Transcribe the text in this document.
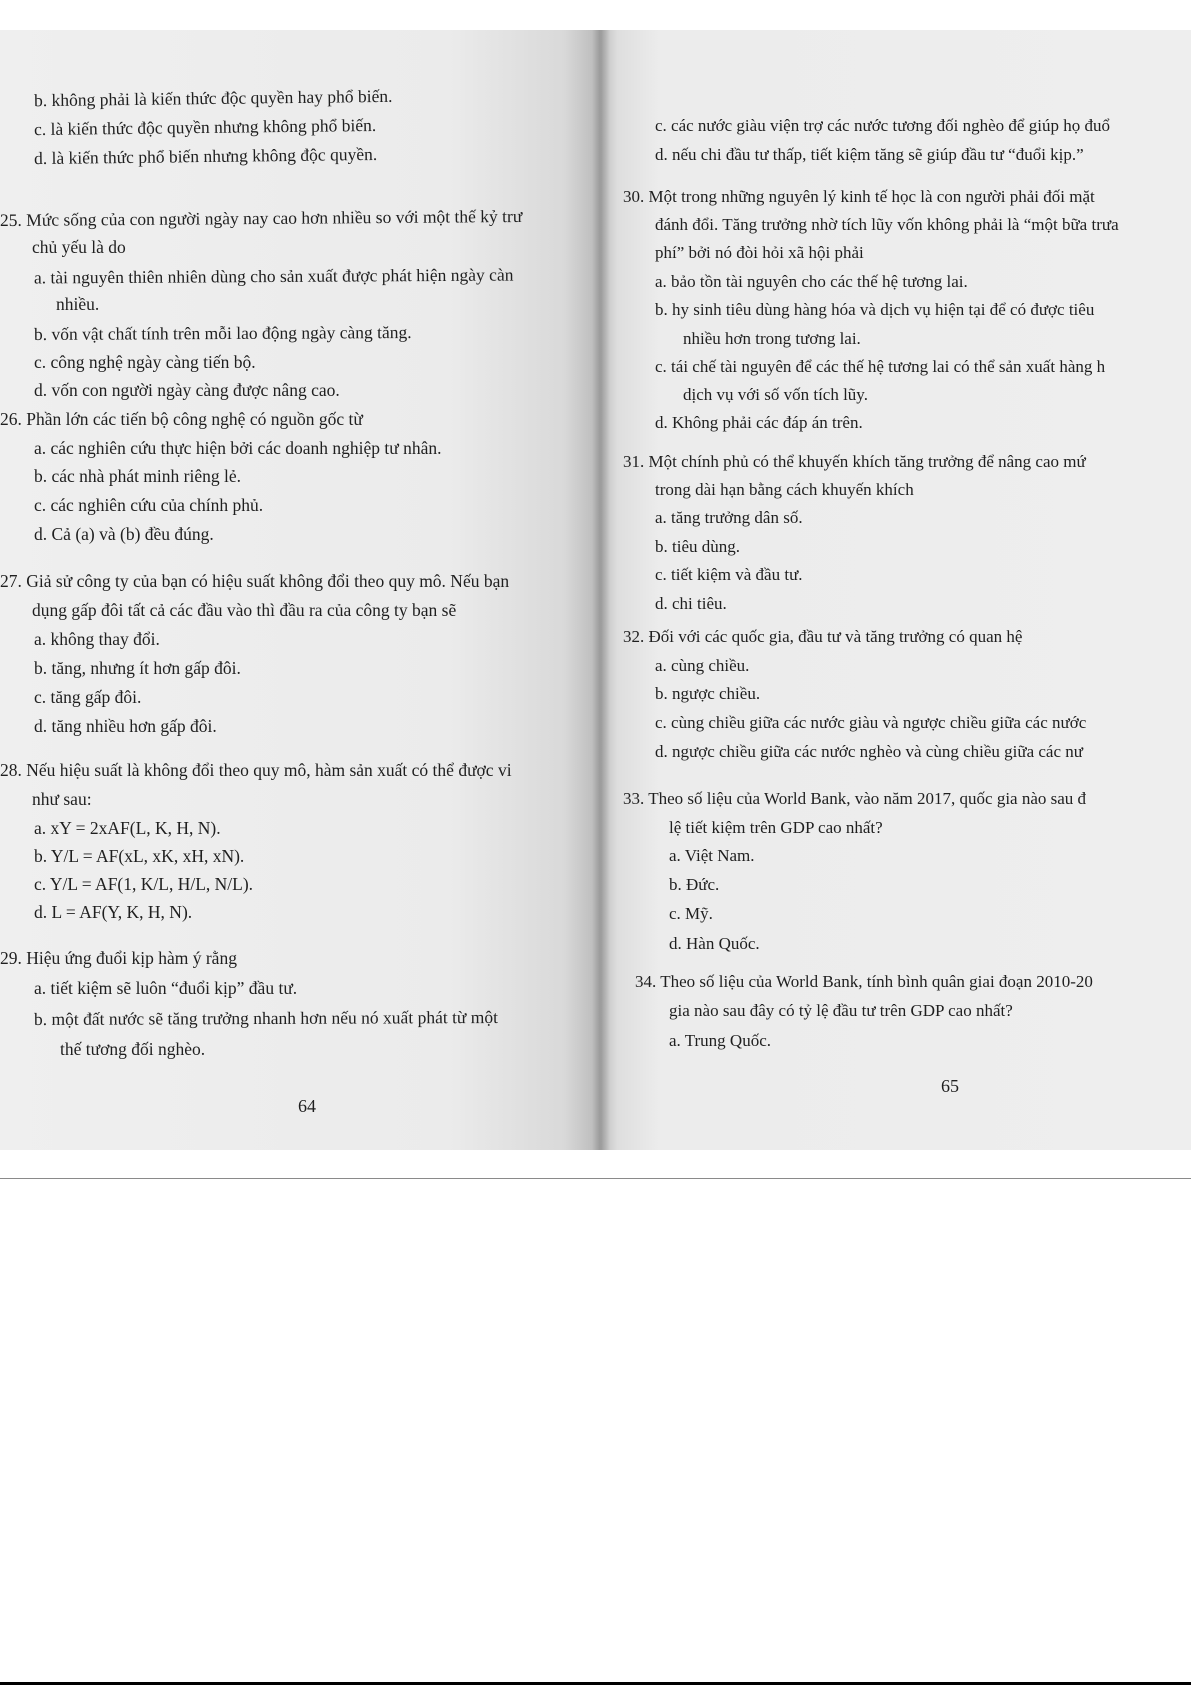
b. không phải là kiến thức độc quyền hay phổ biến.
c. là kiến thức độc quyền nhưng không phổ biến.
d. là kiến thức phổ biến nhưng không độc quyền.
25. Mức sống của con người ngày nay cao hơn nhiều so với một thế kỷ trư
chủ yếu là do
a. tài nguyên thiên nhiên dùng cho sản xuất được phát hiện ngày càn
nhiều.
b. vốn vật chất tính trên mỗi lao động ngày càng tăng.
c. công nghệ ngày càng tiến bộ.
d. vốn con người ngày càng được nâng cao.
26. Phần lớn các tiến bộ công nghệ có nguồn gốc từ
a. các nghiên cứu thực hiện bởi các doanh nghiệp tư nhân.
b. các nhà phát minh riêng lẻ.
c. các nghiên cứu của chính phủ.
d. Cả (a) và (b) đều đúng.
27. Giả sử công ty của bạn có hiệu suất không đổi theo quy mô. Nếu bạn
dụng gấp đôi tất cả các đầu vào thì đầu ra của công ty bạn sẽ
a. không thay đổi.
b. tăng, nhưng ít hơn gấp đôi.
c. tăng gấp đôi.
d. tăng nhiều hơn gấp đôi.
28. Nếu hiệu suất là không đổi theo quy mô, hàm sản xuất có thể được vi
như sau:
a. xY = 2xAF(L, K, H, N).
b. Y/L = AF(xL, xK, xH, xN).
c. Y/L = AF(1, K/L, H/L, N/L).
d. L = AF(Y, K, H, N).
29. Hiệu ứng đuổi kịp hàm ý rằng
a. tiết kiệm sẽ luôn “đuổi kịp” đầu tư.
b. một đất nước sẽ tăng trưởng nhanh hơn nếu nó xuất phát từ một
thế tương đối nghèo.
64
c. các nước giàu viện trợ các nước tương đối nghèo để giúp họ đuổ
d. nếu chi đầu tư thấp, tiết kiệm tăng sẽ giúp đầu tư “đuổi kịp.”
30. Một trong những nguyên lý kinh tế học là con người phải đối mặt
đánh đổi. Tăng trưởng nhờ tích lũy vốn không phải là “một bữa trưa
phí” bởi nó đòi hỏi xã hội phải
a. bảo tồn tài nguyên cho các thế hệ tương lai.
b. hy sinh tiêu dùng hàng hóa và dịch vụ hiện tại để có được tiêu
nhiều hơn trong tương lai.
c. tái chế tài nguyên để các thế hệ tương lai có thể sản xuất hàng h
dịch vụ với số vốn tích lũy.
d. Không phải các đáp án trên.
31. Một chính phủ có thể khuyến khích tăng trưởng để nâng cao mứ
trong dài hạn bằng cách khuyến khích
a. tăng trưởng dân số.
b. tiêu dùng.
c. tiết kiệm và đầu tư.
d. chi tiêu.
32. Đối với các quốc gia, đầu tư và tăng trưởng có quan hệ
a. cùng chiều.
b. ngược chiều.
c. cùng chiều giữa các nước giàu và ngược chiều giữa các nước
d. ngược chiều giữa các nước nghèo và cùng chiều giữa các nư
33. Theo số liệu của World Bank, vào năm 2017, quốc gia nào sau đ
lệ tiết kiệm trên GDP cao nhất?
a. Việt Nam.
b. Đức.
c. Mỹ.
d. Hàn Quốc.
34. Theo số liệu của World Bank, tính bình quân giai đoạn 2010-20
gia nào sau đây có tỷ lệ đầu tư trên GDP cao nhất?
a. Trung Quốc.
65
